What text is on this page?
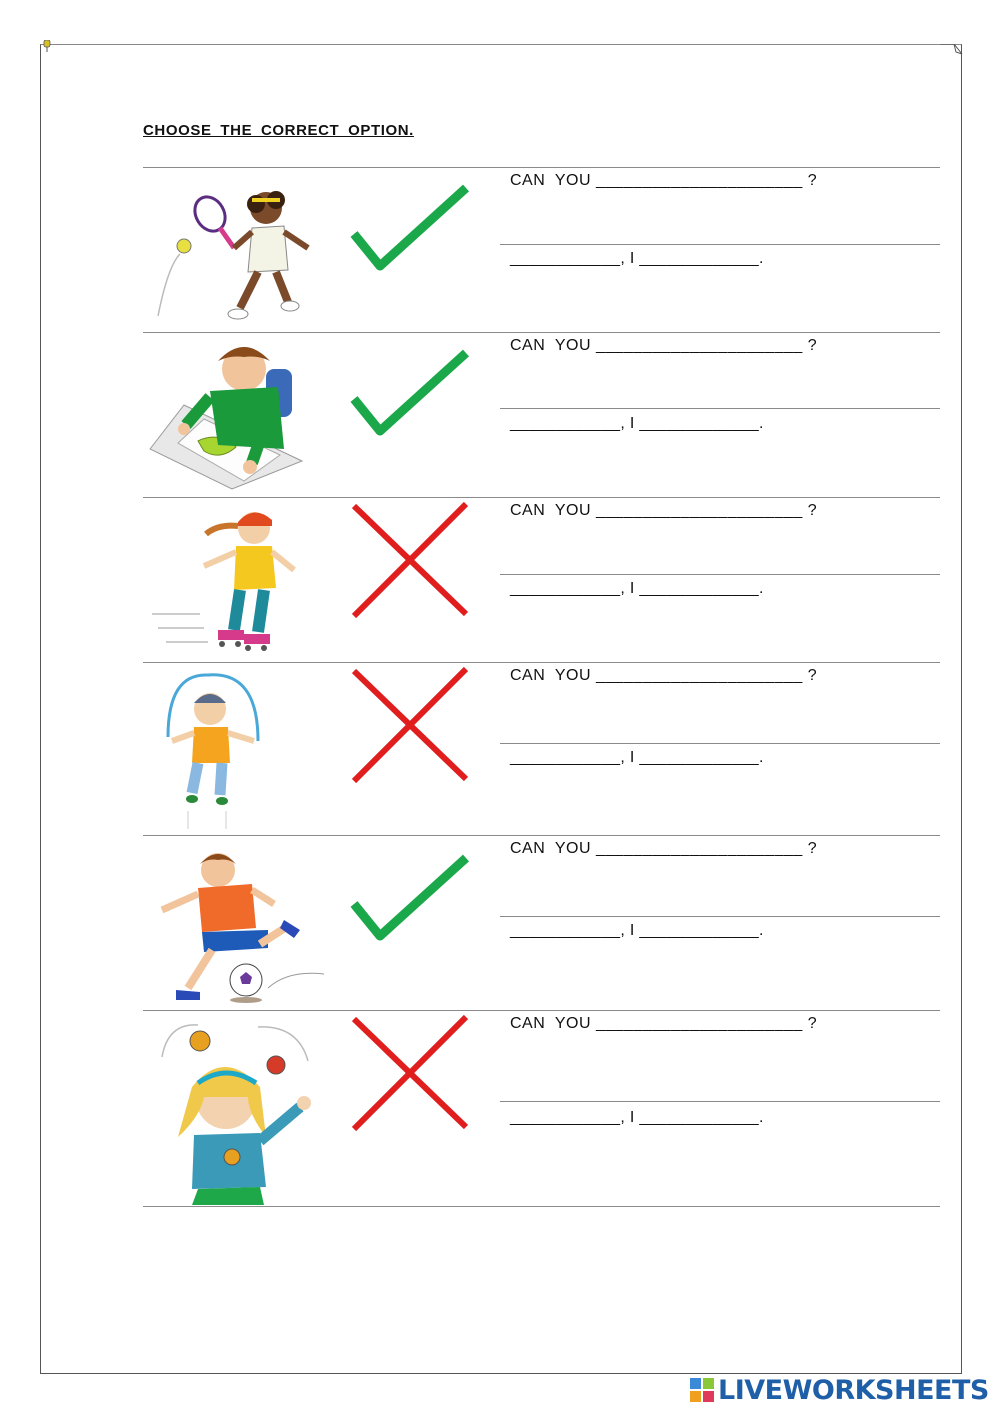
CHOOSE THE CORRECT OPTION.
CAN  YOU ______________________ ?
____________, I _____________.
CAN  YOU ______________________ ?
____________, I _____________.
CAN  YOU ______________________ ?
____________, I _____________.
CAN  YOU ______________________ ?
____________, I _____________.
CAN  YOU ______________________ ?
____________, I _____________.
CAN  YOU ______________________ ?
____________, I _____________.
LIVEWORKSHEETS
